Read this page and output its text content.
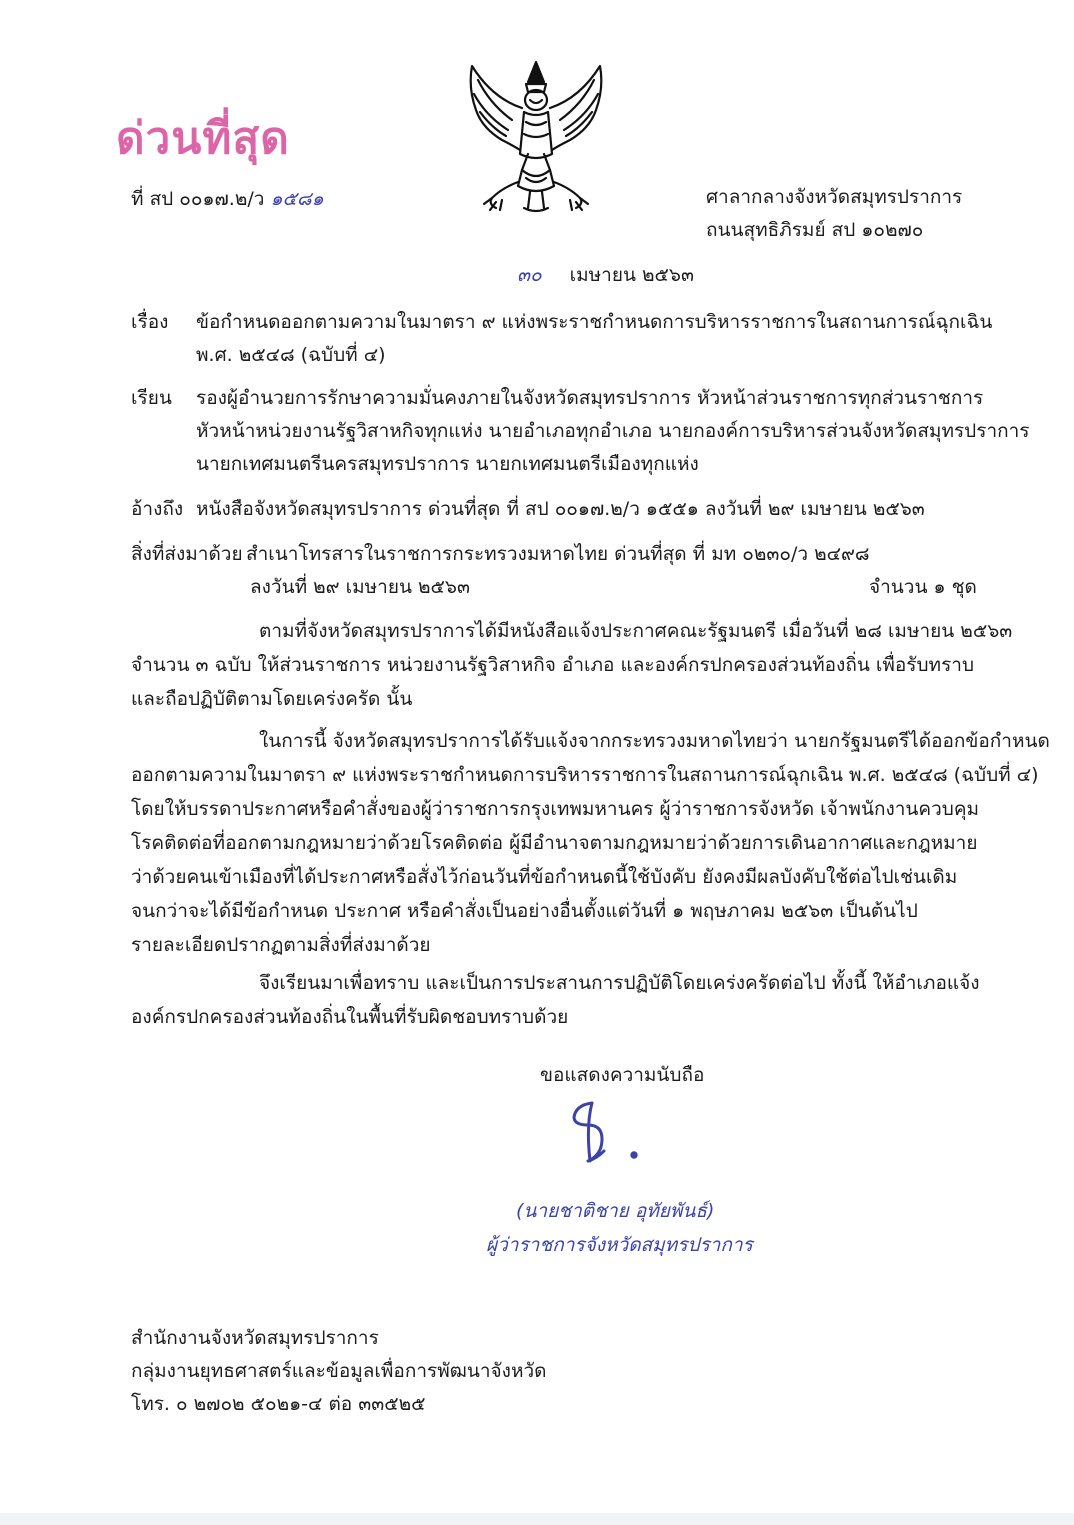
ด่วนที่สุด
ที่ สป ๐๐๑๗.๒/ว ๑๕๘๑	ศาลากลางจังหวัดสมุทรปราการ
ถนนสุทธิภิรมย์ สป ๑๐๒๗๐
๓๐ เมษายน ๒๕๖๓
เรื่อง ข้อกำหนดออกตามความในมาตรา ๙ แห่งพระราชกำหนดการบริหารราชการในสถานการณ์ฉุกเฉิน
พ.ศ. ๒๕๔๘ (ฉบับที่ ๔)
เรียน รองผู้อำนวยการรักษาความมั่นคงภายในจังหวัดสมุทรปราการ หัวหน้าส่วนราชการทุกส่วนราชการ
หัวหน้าหน่วยงานรัฐวิสาหกิจทุกแห่ง นายอำเภอทุกอำเภอ นายกองค์การบริหารส่วนจังหวัดสมุทรปราการ
นายกเทศมนตรีนครสมุทรปราการ นายกเทศมนตรีเมืองทุกแห่ง
อ้างถึง หนังสือจังหวัดสมุทรปราการ ด่วนที่สุด ที่ สป ๐๐๑๗.๒/ว ๑๕๕๑ ลงวันที่ ๒๙ เมษายน ๒๕๖๓
สิ่งที่ส่งมาด้วย สำเนาโทรสารในราชการกระทรวงมหาดไทย ด่วนที่สุด ที่ มท ๐๒๓๐/ว ๒๔๙๘
ลงวันที่ ๒๙ เมษายน ๒๕๖๓	จำนวน ๑ ชุด
ตามที่จังหวัดสมุทรปราการได้มีหนังสือแจ้งประกาศคณะรัฐมนตรี เมื่อวันที่ ๒๘ เมษายน ๒๕๖๓
จำนวน ๓ ฉบับ ให้ส่วนราชการ หน่วยงานรัฐวิสาหกิจ อำเภอ และองค์กรปกครองส่วนท้องถิ่น เพื่อรับทราบ
และถือปฏิบัติตามโดยเคร่งครัด นั้น
ในการนี้ จังหวัดสมุทรปราการได้รับแจ้งจากกระทรวงมหาดไทยว่า นายกรัฐมนตรีได้ออกข้อกำหนด
ออกตามความในมาตรา ๙ แห่งพระราชกำหนดการบริหารราชการในสถานการณ์ฉุกเฉิน พ.ศ. ๒๕๔๘ (ฉบับที่ ๔)
โดยให้บรรดาประกาศหรือคำสั่งของผู้ว่าราชการกรุงเทพมหานคร ผู้ว่าราชการจังหวัด เจ้าพนักงานควบคุม
โรคติดต่อที่ออกตามกฎหมายว่าด้วยโรคติดต่อ ผู้มีอำนาจตามกฎหมายว่าด้วยการเดินอากาศและกฎหมาย
ว่าด้วยคนเข้าเมืองที่ได้ประกาศหรือสั่งไว้ก่อนวันที่ข้อกำหนดนี้ใช้บังคับ ยังคงมีผลบังคับใช้ต่อไปเช่นเดิม
จนกว่าจะได้มีข้อกำหนด ประกาศ หรือคำสั่งเป็นอย่างอื่นตั้งแต่วันที่ ๑ พฤษภาคม ๒๕๖๓ เป็นต้นไป
รายละเอียดปรากฏตามสิ่งที่ส่งมาด้วย
จึงเรียนมาเพื่อทราบ และเป็นการประสานการปฏิบัติโดยเคร่งครัดต่อไป ทั้งนี้ ให้อำเภอแจ้ง
องค์กรปกครองส่วนท้องถิ่นในพื้นที่รับผิดชอบทราบด้วย
ขอแสดงความนับถือ
(นายชาติชาย อุทัยพันธ์)
ผู้ว่าราชการจังหวัดสมุทรปราการ
สำนักงานจังหวัดสมุทรปราการ
กลุ่มงานยุทธศาสตร์และข้อมูลเพื่อการพัฒนาจังหวัด
โทร. ๐ ๒๗๐๒ ๕๐๒๑-๔ ต่อ ๓๓๕๒๕
